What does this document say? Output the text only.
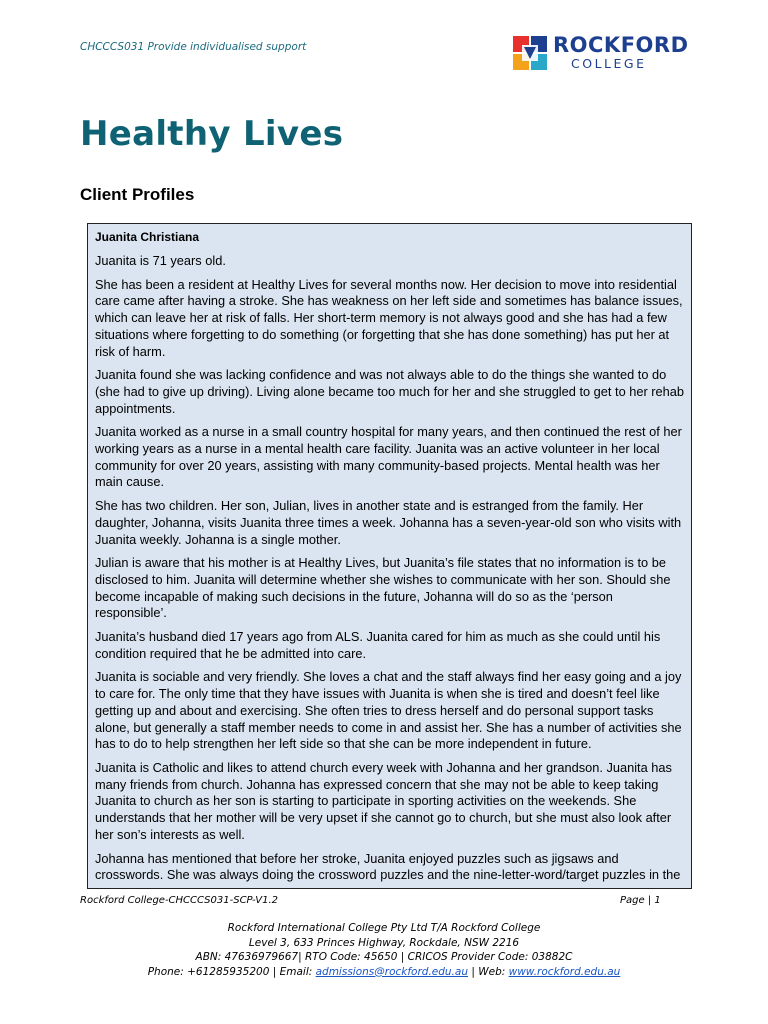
CHCCCS031 Provide individualised support	ROCKFORD
COLLEGE
Healthy Lives
Client Profiles
Juanita Christiana

Juanita is 71 years old.

She has been a resident at Healthy Lives for several months now. Her decision to move into residential care came after having a stroke. She has weakness on her left side and sometimes has balance issues, which can leave her at risk of falls. Her short-term memory is not always good and she has had a few situations where forgetting to do something (or forgetting that she has done something) has put her at risk of harm.

Juanita found she was lacking confidence and was not always able to do the things she wanted to do (she had to give up driving). Living alone became too much for her and she struggled to get to her rehab appointments.

Juanita worked as a nurse in a small country hospital for many years, and then continued the rest of her working years as a nurse in a mental health care facility. Juanita was an active volunteer in her local community for over 20 years, assisting with many community-based projects. Mental health was her main cause.

She has two children. Her son, Julian, lives in another state and is estranged from the family. Her daughter, Johanna, visits Juanita three times a week. Johanna has a seven-year-old son who visits with Juanita weekly. Johanna is a single mother.

Julian is aware that his mother is at Healthy Lives, but Juanita’s file states that no information is to be disclosed to him. Juanita will determine whether she wishes to communicate with her son. Should she become incapable of making such decisions in the future, Johanna will do so as the ‘person responsible’.

Juanita’s husband died 17 years ago from ALS. Juanita cared for him as much as she could until his condition required that he be admitted into care.

Juanita is sociable and very friendly. She loves a chat and the staff always find her easy going and a joy to care for. The only time that they have issues with Juanita is when she is tired and doesn’t feel like getting up and about and exercising. She often tries to dress herself and do personal support tasks alone, but generally a staff member needs to come in and assist her. She has a number of activities she has to do to help strengthen her left side so that she can be more independent in future.

Juanita is Catholic and likes to attend church every week with Johanna and her grandson. Juanita has many friends from church. Johanna has expressed concern that she may not be able to keep taking Juanita to church as her son is starting to participate in sporting activities on the weekends. She understands that her mother will be very upset if she cannot go to church, but she must also look after her son’s interests as well.

Johanna has mentioned that before her stroke, Juanita enjoyed puzzles such as jigsaws and crosswords. She was always doing the crossword puzzles and the nine-letter-word/target puzzles in the

Rockford College-CHCCCS031-SCP-V1.2	Page | 1
Rockford International College Pty Ltd T/A Rockford College
Level 3, 633 Princes Highway, Rockdale, NSW 2216
ABN: 47636979667| RTO Code: 45650 | CRICOS Provider Code: 03882C
Phone: +61285935200 | Email: admissions@rockford.edu.au | Web: www.rockford.edu.au
